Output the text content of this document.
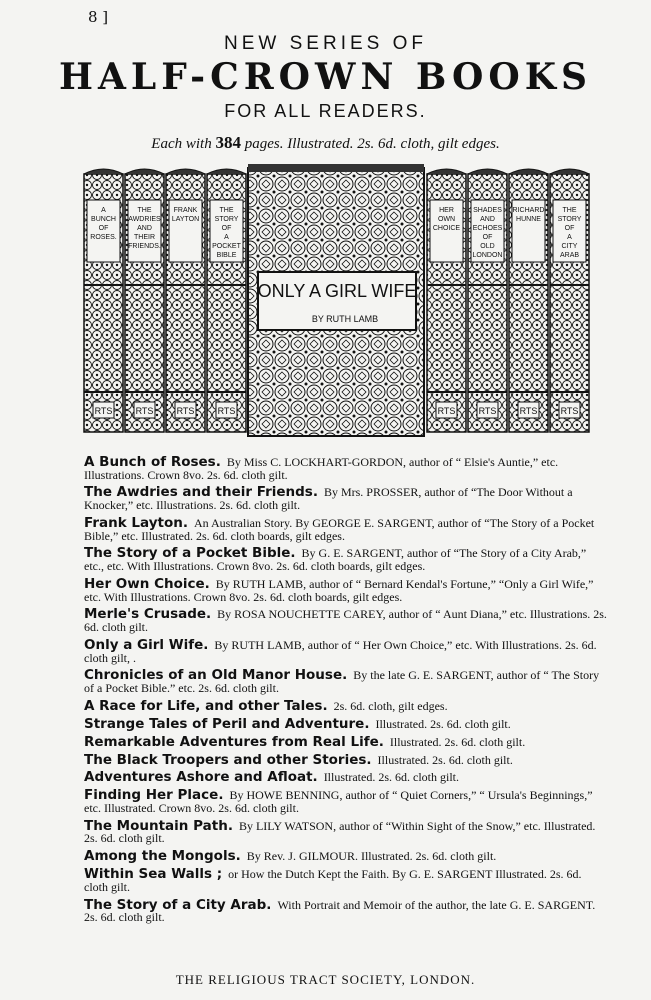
8 ]
NEW SERIES OF
HALF-CROWN BOOKS
FOR ALL READERS.
Each with 384 pages. Illustrated. 2s. 6d. cloth, gilt edges.
A BUNCH OF ROSES.
RTS
THE AWDRIES AND THEIR FRIENDS.
RTS
FRANK LAYTON
RTS
THE STORY OF A POCKET BIBLE
RTS
ONLY A GIRL WIFE
BY RUTH LAMB
HER OWN CHOICE
RTS
SHADES AND ECHOES OF OLD LONDON
RTS
RICHARD HUNNE
RTS
THE STORY OF A CITY ARAB
RTS
A Bunch of Roses. By Miss C. LOCKHART-GORDON, author of “ Elsie's Auntie,” etc. Illustrations. Crown 8vo. 2s. 6d. cloth gilt.
The Awdries and their Friends. By Mrs. PROSSER, author of “The Door Without a Knocker,” etc. Illustrations. 2s. 6d. cloth gilt.
Frank Layton. An Australian Story. By GEORGE E. SARGENT, author of “The Story of a Pocket Bible,” etc. Illustrated. 2s. 6d. cloth boards, gilt edges.
The Story of a Pocket Bible. By G. E. SARGENT, author of “The Story of a City Arab,” etc., etc. With Illustrations. Crown 8vo. 2s. 6d. cloth boards, gilt edges.
Her Own Choice. By RUTH LAMB, author of “ Bernard Kendal's Fortune,” “Only a Girl Wife,” etc. With Illustrations. Crown 8vo. 2s. 6d. cloth boards, gilt edges.
Merle's Crusade. By ROSA NOUCHETTE CAREY, author of “ Aunt Diana,” etc. Illustrations. 2s. 6d. cloth gilt.
Only a Girl Wife. By RUTH LAMB, author of “ Her Own Choice,” etc. With Illustrations. 2s. 6d. cloth gilt, .
Chronicles of an Old Manor House. By the late G. E. SARGENT, author of “ The Story of a Pocket Bible.” etc. 2s. 6d. cloth gilt.
A Race for Life, and other Tales. 2s. 6d. cloth, gilt edges.
Strange Tales of Peril and Adventure. Illustrated. 2s. 6d. cloth gilt.
Remarkable Adventures from Real Life. Illustrated. 2s. 6d. cloth gilt.
The Black Troopers and other Stories. Illustrated. 2s. 6d. cloth gilt.
Adventures Ashore and Afloat. Illustrated. 2s. 6d. cloth gilt.
Finding Her Place. By HOWE BENNING, author of “ Quiet Corners,” “ Ursula's Beginnings,” etc. Illustrated. Crown 8vo. 2s. 6d. cloth gilt.
The Mountain Path. By LILY WATSON, author of “Within Sight of the Snow,” etc. Illustrated. 2s. 6d. cloth gilt.
Among the Mongols. By Rev. J. GILMOUR. Illustrated. 2s. 6d. cloth gilt.
Within Sea Walls ; or How the Dutch Kept the Faith. By G. E. SARGENT Illustrated. 2s. 6d. cloth gilt.
The Story of a City Arab. With Portrait and Memoir of the author, the late G. E. SARGENT. 2s. 6d. cloth gilt.
THE RELIGIOUS TRACT SOCIETY, LONDON.
